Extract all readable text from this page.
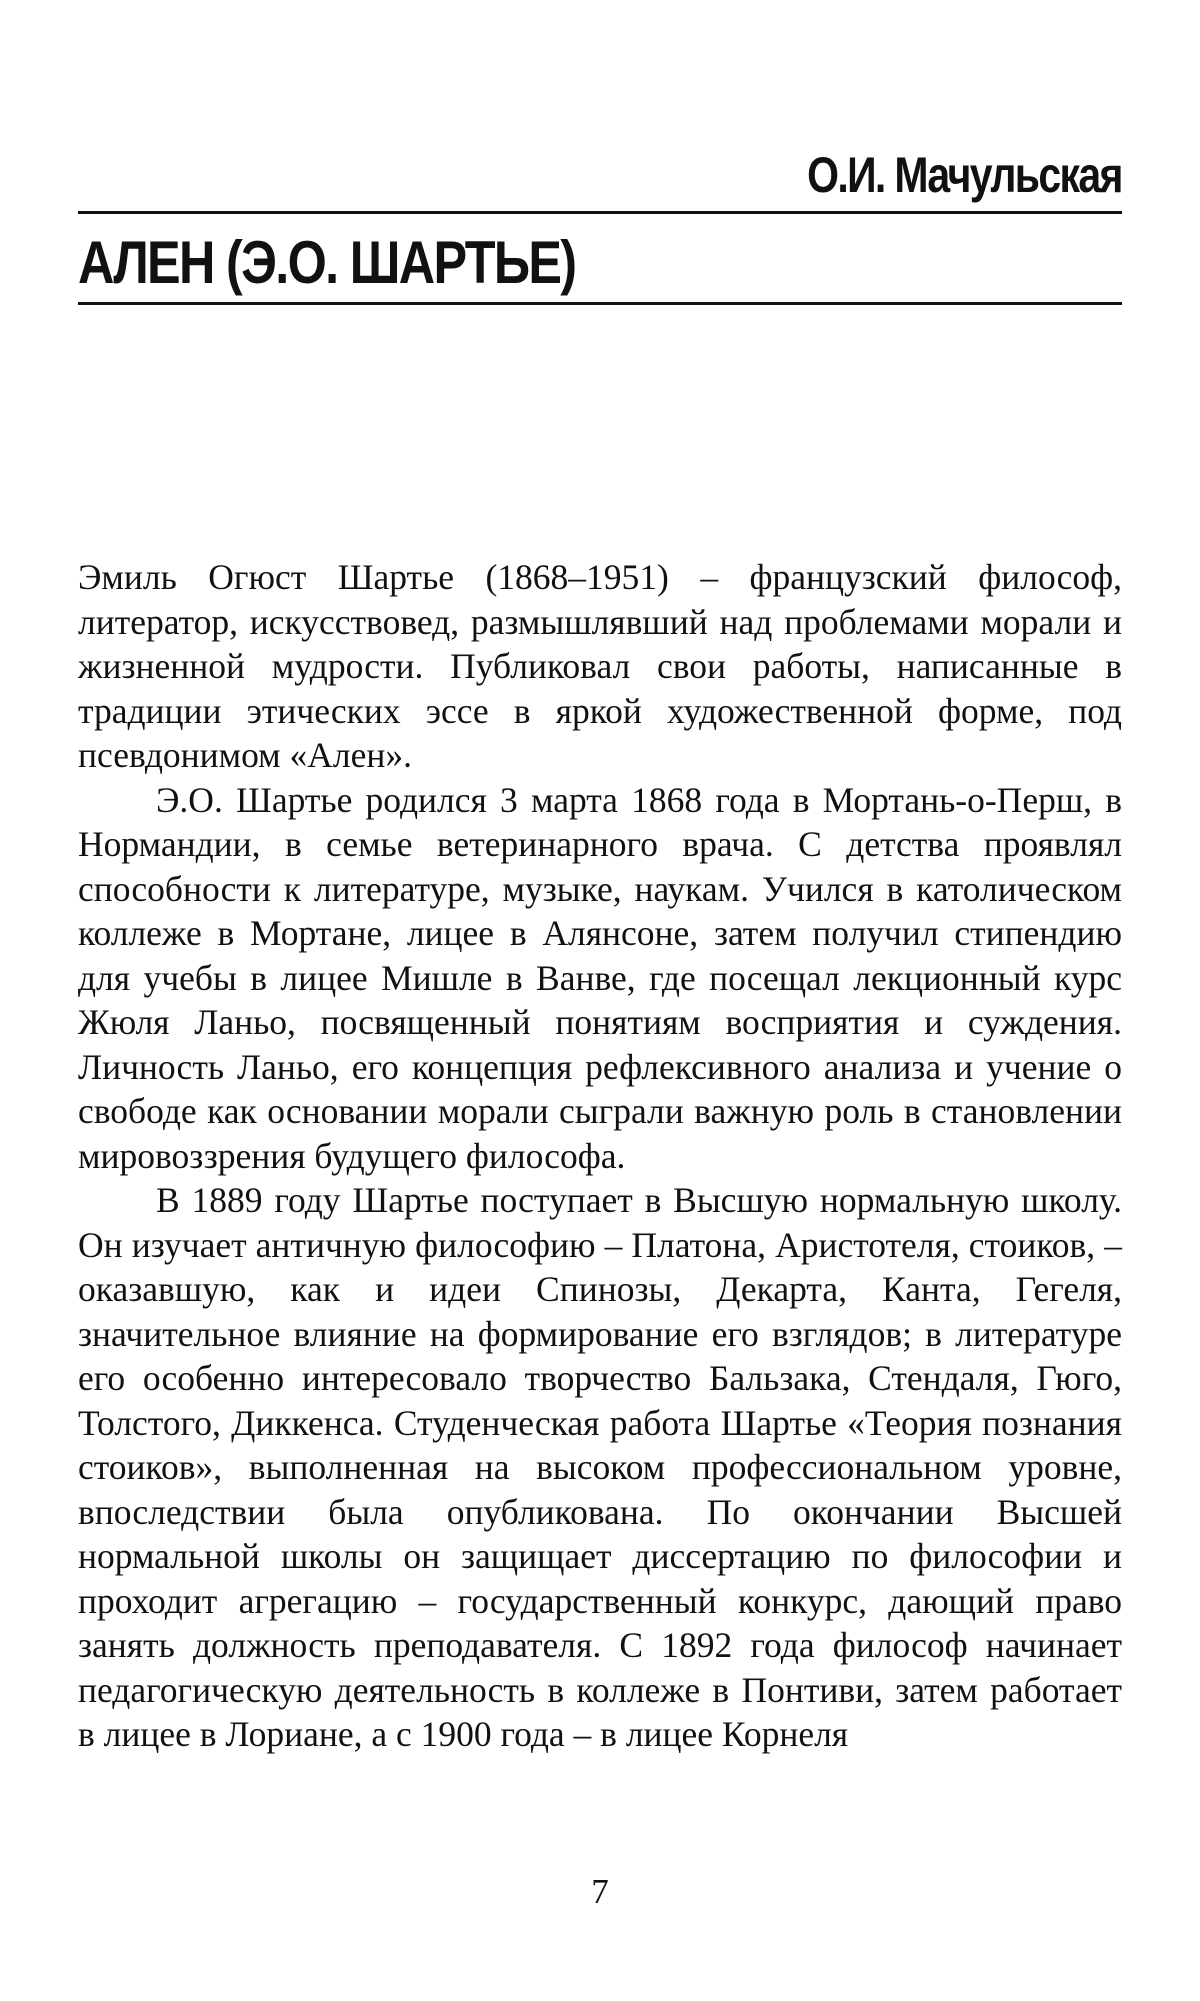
О.И. Мачульская
АЛЕН (Э.О. ШАРТЬЕ)

Эмиль Огюст Шартье (1868–1951) – французский философ, литератор, искусствовед, размышлявший над проблемами морали и жизненной мудрости. Публиковал свои работы, написанные в традиции этических эссе в яркой художественной форме, под псевдонимом «Ален».

Э.О. Шартье родился 3 марта 1868 года в Мортань-о-Перш, в Нормандии, в семье ветеринарного врача. С детства проявлял способности к литературе, музыке, наукам. Учился в католическом коллеже в Мортане, лицее в Алянсоне, затем получил стипендию для учебы в лицее Мишле в Ванве, где посещал лекционный курс Жюля Ланьо, посвященный понятиям восприятия и суждения. Личность Ланьо, его концепция рефлексивного анализа и учение о свободе как основании морали сыграли важную роль в становлении мировоззрения будущего философа.

В 1889 году Шартье поступает в Высшую нормальную школу. Он изучает античную философию – Платона, Аристотеля, стоиков, – оказавшую, как и идеи Спинозы, Декарта, Канта, Гегеля, значительное влияние на формирование его взглядов; в литературе его особенно интересовало творчество Бальзака, Стендаля, Гюго, Толстого, Диккенса. Студенческая работа Шартье «Теория познания стоиков», выполненная на высоком профессиональном уровне, впоследствии была опубликована. По окончании Высшей нормальной школы он защищает диссертацию по философии и проходит агрегацию – государственный конкурс, дающий право занять должность преподавателя. С 1892 года философ начинает педагогическую деятельность в коллеже в Понтиви, затем работает в лицее в Лориане, а с 1900 года – в лицее Корнеля

7
